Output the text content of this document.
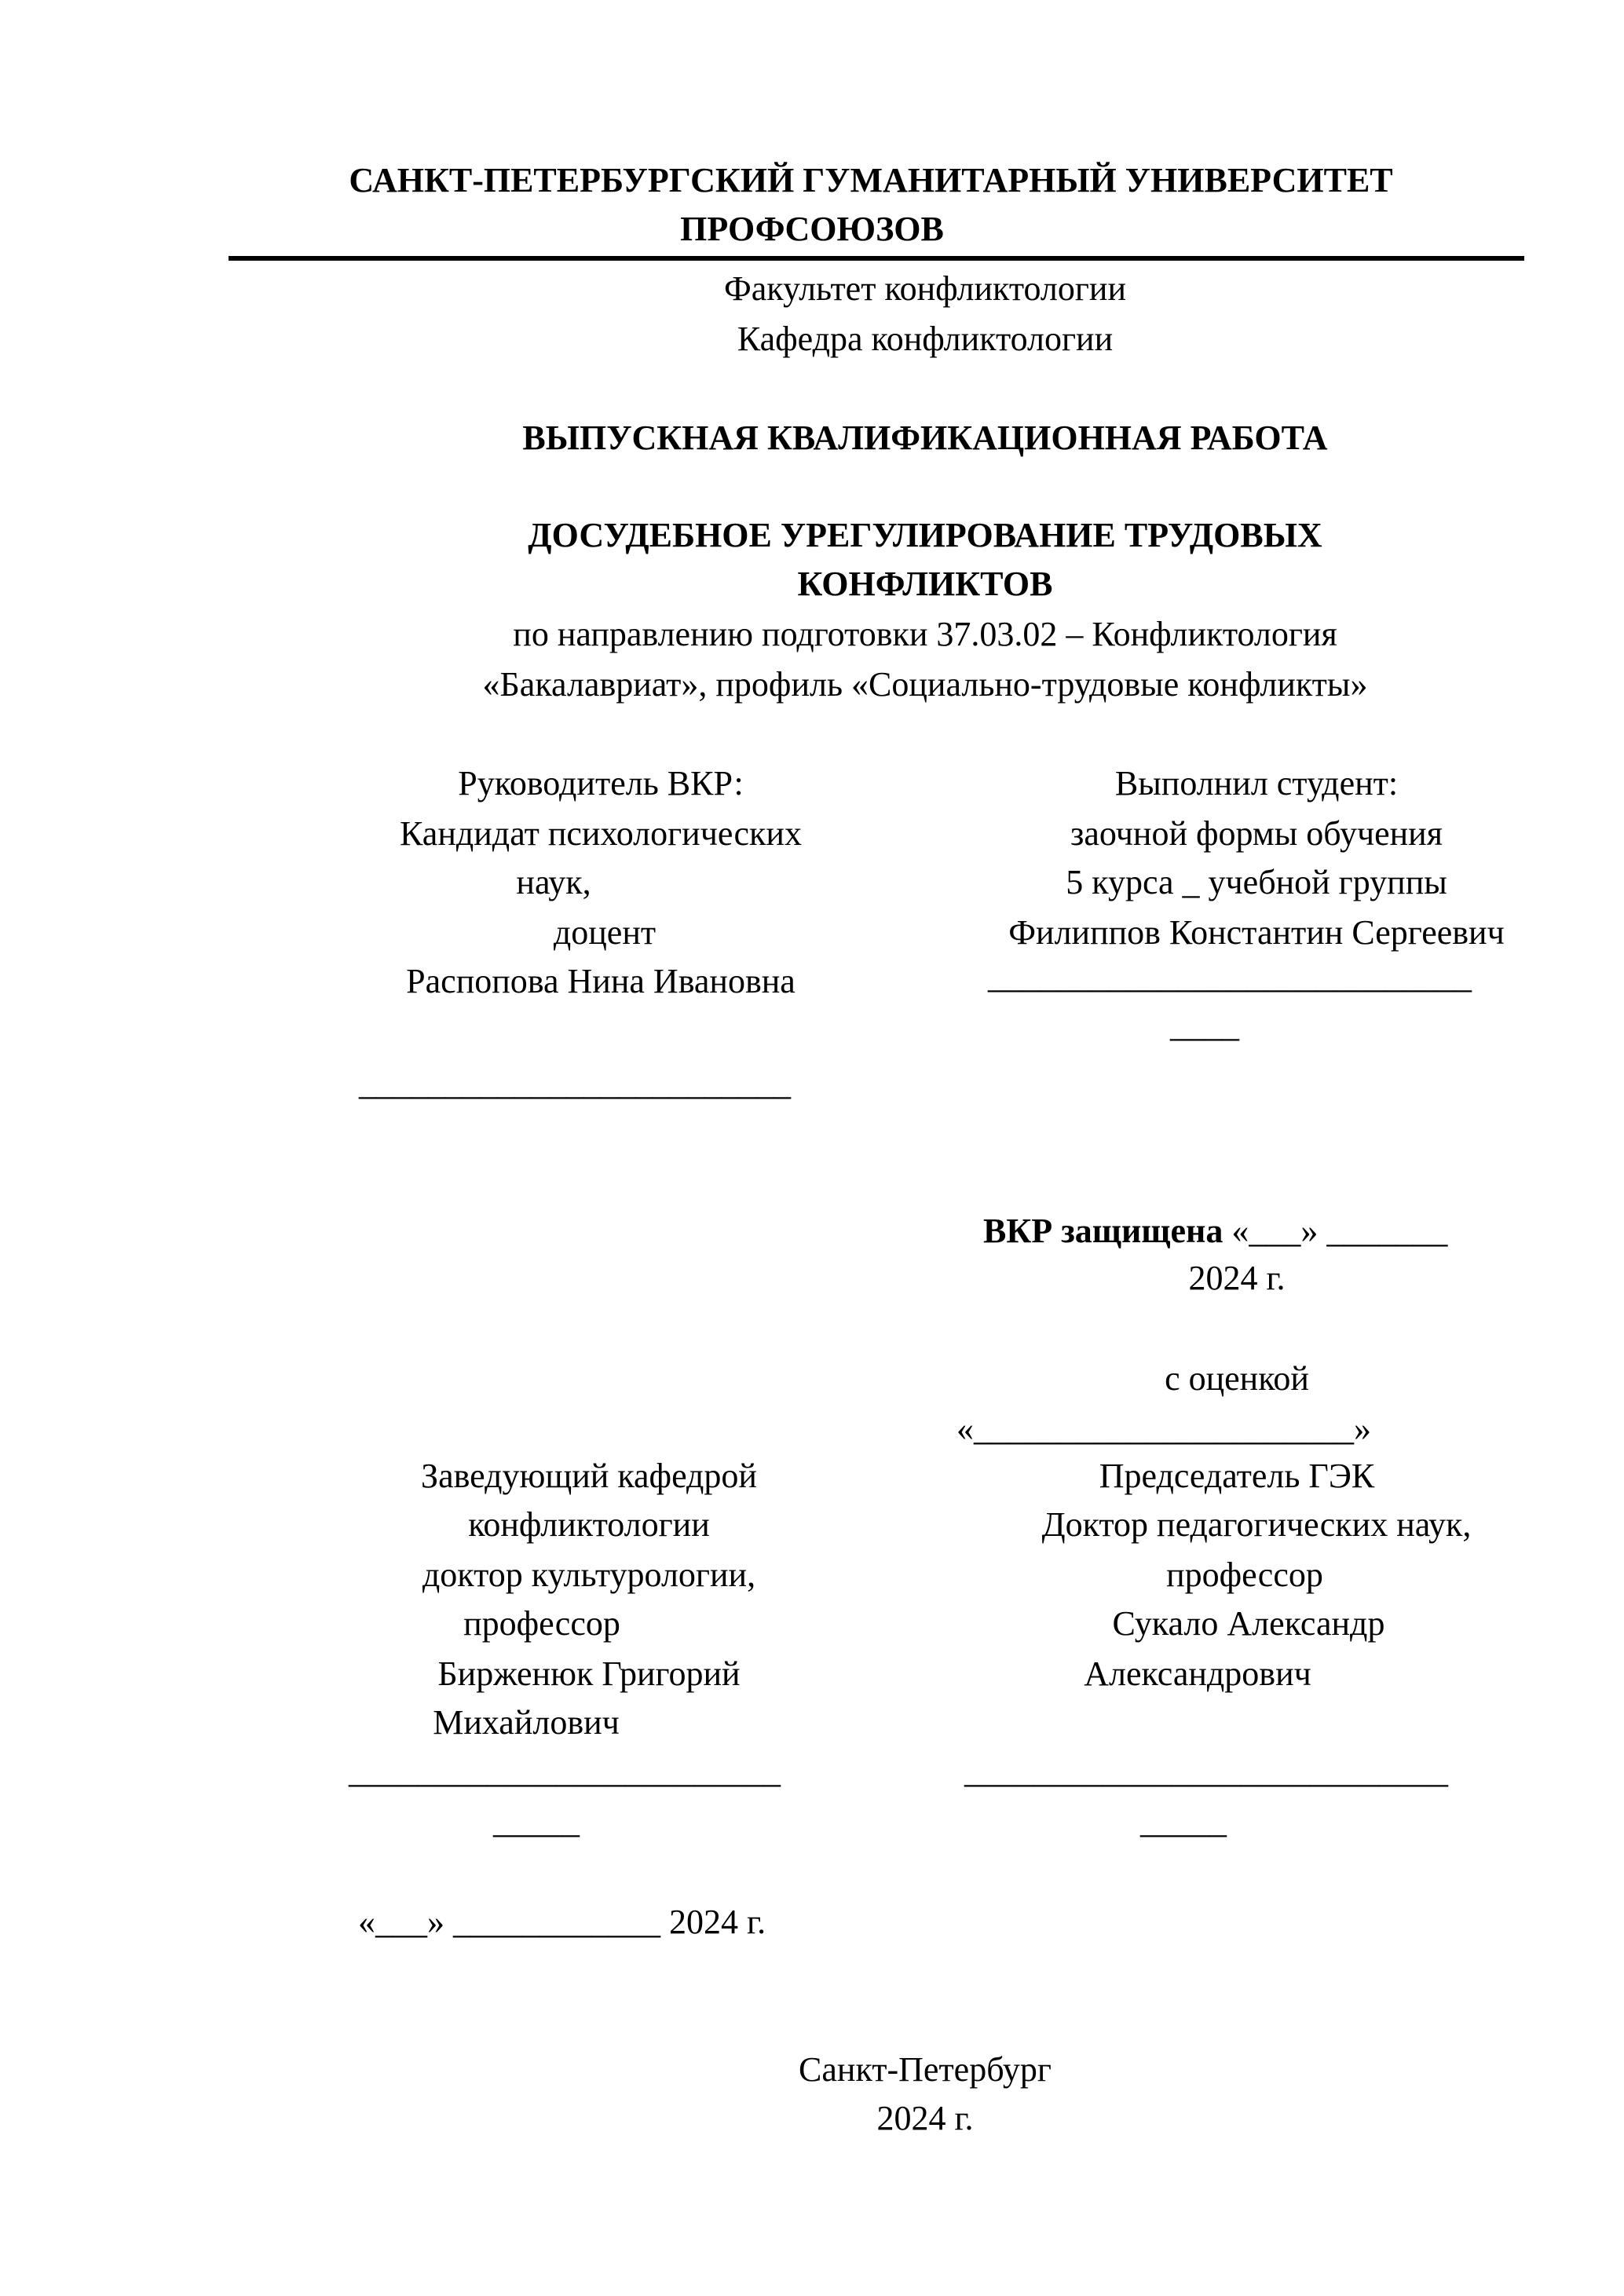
САНКТ-ПЕТЕРБУРГСКИЙ ГУМАНИТАРНЫЙ УНИВЕРСИТЕТ
ПРОФСОЮЗОВ
Факультет конфликтологии
Кафедра конфликтологии
ВЫПУСКНАЯ КВАЛИФИКАЦИОННАЯ РАБОТА
ДОСУДЕБНОЕ УРЕГУЛИРОВАНИЕ ТРУДОВЫХ
КОНФЛИКТОВ
по направлению подготовки 37.03.02 – Конфликтология
«Бакалавриат», профиль «Социально-трудовые конфликты»
Руководитель ВКР:
Кандидат психологических
наук,
доцент
Распопова Нина Ивановна
_________________________
Выполнил студент:
заочной формы обучения
5 курса _ учебной группы
Филиппов Константин Сергеевич
____________________________
____
ВКР защищена «___» _______
2024 г.
с оценкой
«______________________»
Заведующий кафедрой
конфликтологии
доктор культурологии,
профессор
Бирженюк Григорий
Михайлович
_________________________
_____
«___» ____________ 2024 г.
Председатель ГЭК
Доктор педагогических наук,
профессор
Сукало Александр
Александрович
____________________________
_____
Санкт-Петербург
2024 г.
